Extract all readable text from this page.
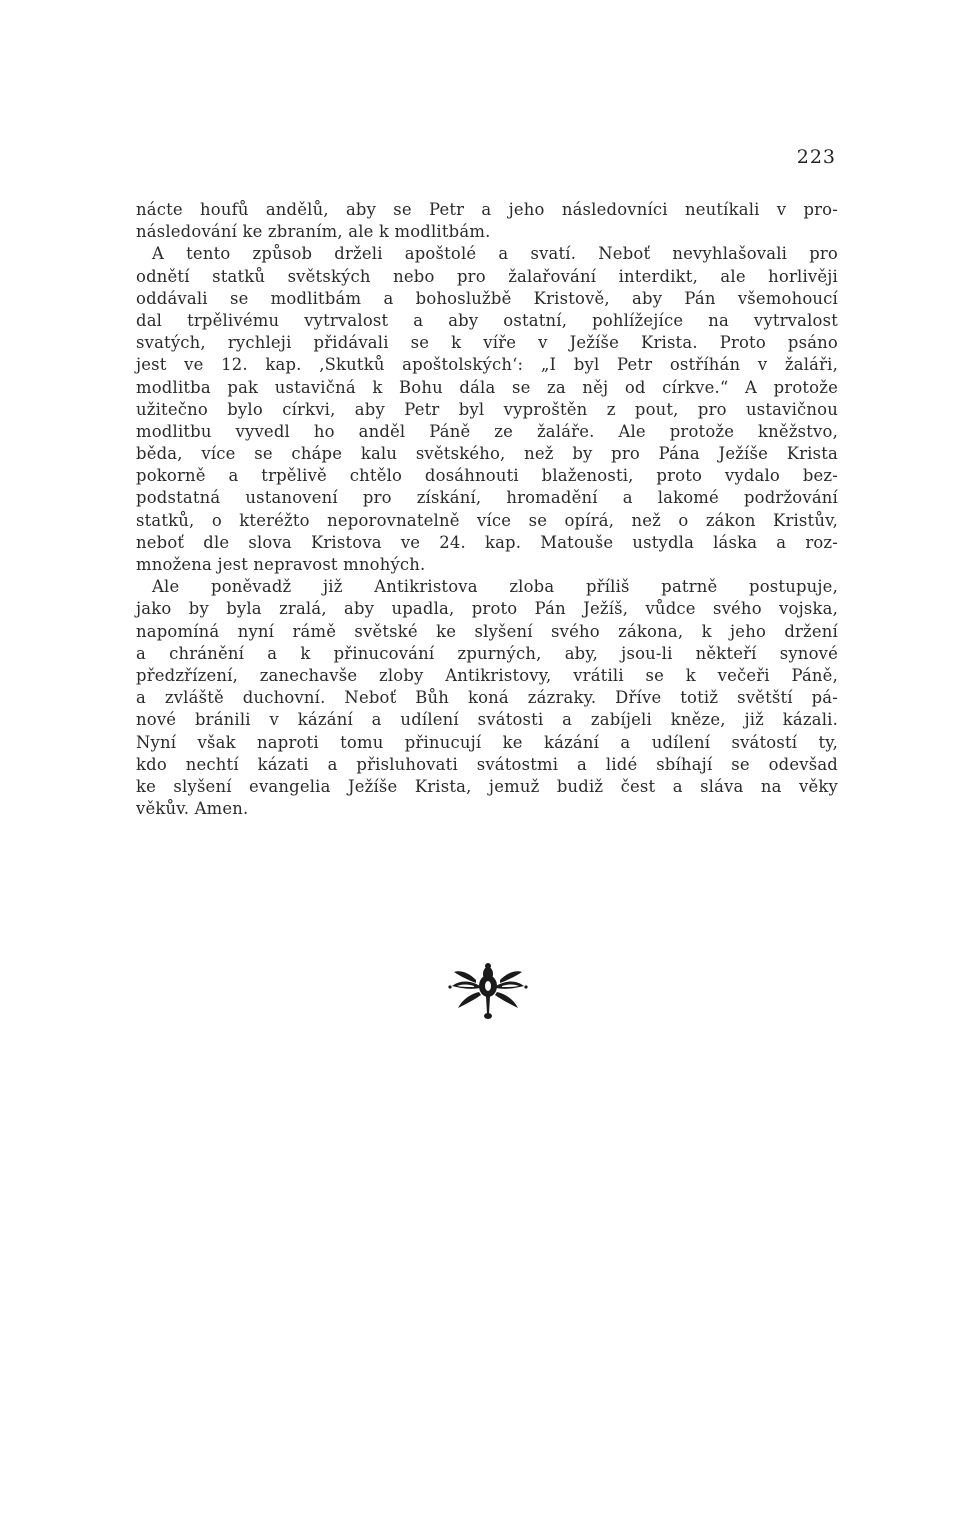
223
nácte houfů andělů, aby se Petr a jeho následovníci neutíkali v pro-
následování ke zbraním, ale k modlitbám.
A tento způsob drželi apoštolé a svatí. Neboť nevyhlašovali pro
odnětí statků světských nebo pro žalařování interdikt, ale horlivěji
oddávali se modlitbám a bohoslužbě Kristově, aby Pán všemohoucí
dal trpělivému vytrvalost a aby ostatní, pohlížejíce na vytrvalost
svatých, rychleji přidávali se k víře v Ježíše Krista. Proto psáno
jest ve 12. kap. ‚Skutků apoštolských‘: „I byl Petr ostříhán v žaláři,
modlitba pak ustavičná k Bohu dála se za něj od církve.“ A protože
užitečno bylo církvi, aby Petr byl vyproštěn z pout, pro ustavičnou
modlitbu vyvedl ho anděl Páně ze žaláře. Ale protože kněžstvo,
běda, více se chápe kalu světského, než by pro Pána Ježíše Krista
pokorně a trpělivě chtělo dosáhnouti blaženosti, proto vydalo bez-
podstatná ustanovení pro získání, hromadění a lakomé podržování
statků, o kteréžto neporovnatelně více se opírá, než o zákon Kristův,
neboť dle slova Kristova ve 24. kap. Matouše ustydla láska a roz-
množena jest nepravost mnohých.
Ale poněvadž již Antikristova zloba příliš patrně postupuje,
jako by byla zralá, aby upadla, proto Pán Ježíš, vůdce svého vojska,
napomíná nyní rámě světské ke slyšení svého zákona, k jeho držení
a chránění a k přinucování zpurných, aby, jsou-li někteří synové
předzřízení, zanechavše zloby Antikristovy, vrátili se k večeři Páně,
a zvláště duchovní. Neboť Bůh koná zázraky. Dříve totiž světští pá-
nové bránili v kázání a udílení svátosti a zabíjeli kněze, již kázali.
Nyní však naproti tomu přinucují ke kázání a udílení svátostí ty,
kdo nechtí kázati a přisluhovati svátostmi a lidé sbíhají se odevšad
ke slyšení evangelia Ježíše Krista, jemuž budiž čest a sláva na věky
věkův. Amen.
